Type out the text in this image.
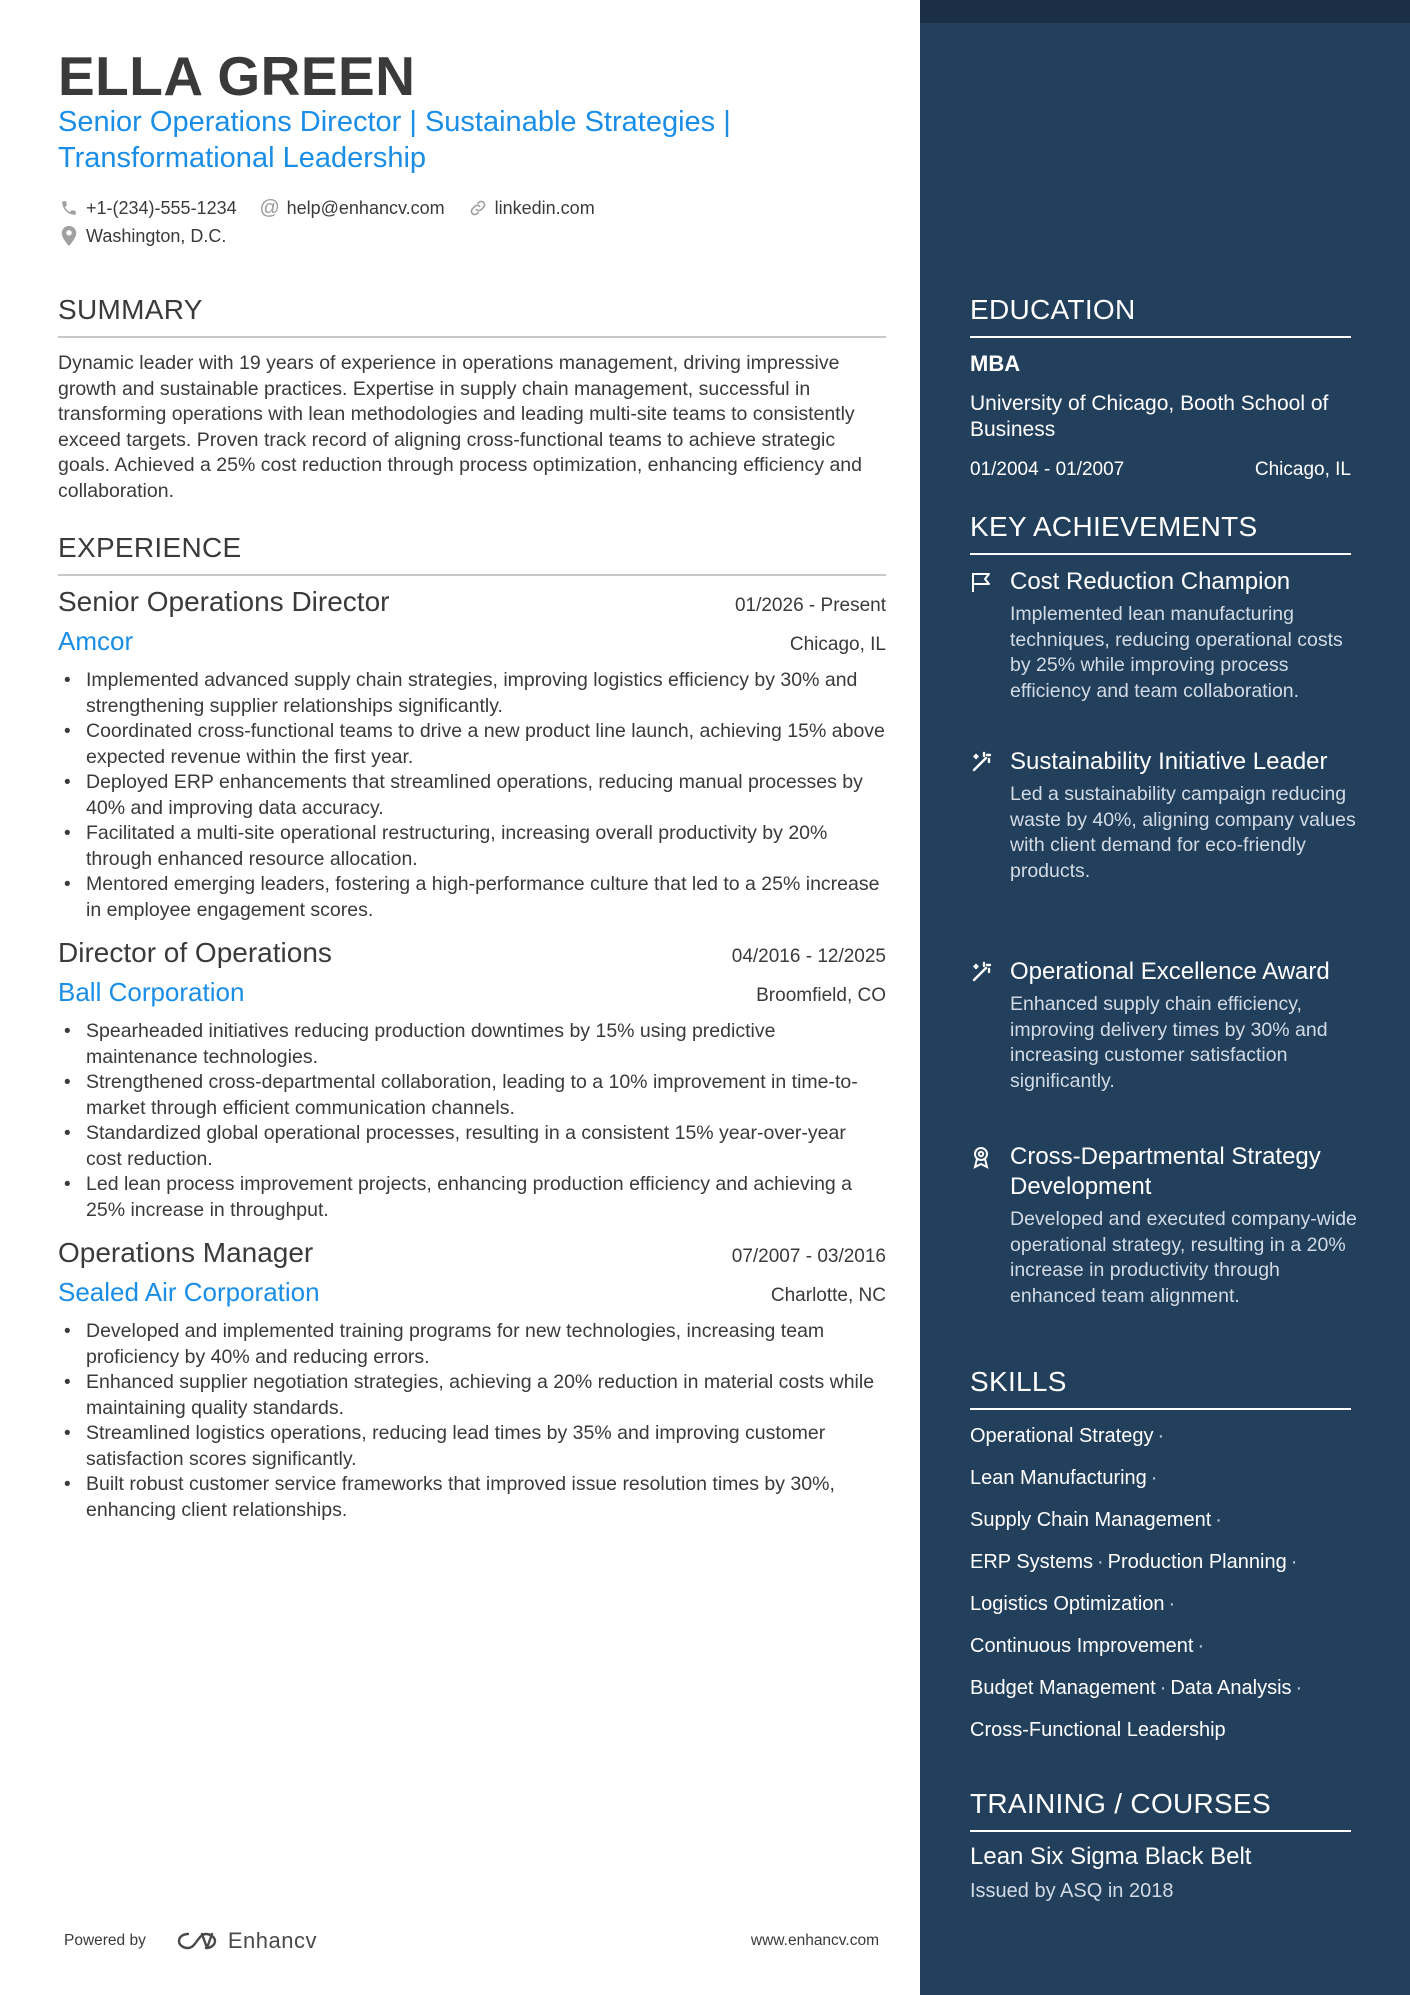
ELLA GREEN
Senior Operations Director | Sustainable Strategies |
Transformational Leadership
+1-(234)-555-1234 @ help@enhancv.com	linkedin.com
Washington, D.C.
SUMMARY
Dynamic leader with 19 years of experience in operations management, driving impressive growth and sustainable practices. Expertise in supply chain management, successful in transforming operations with lean methodologies and leading multi-site teams to consistently exceed targets. Proven track record of aligning cross-functional teams to achieve strategic goals. Achieved a 25% cost reduction through process optimization, enhancing efficiency and collaboration.
EXPERIENCE
Senior Operations Director	01/2026 - Present
Amcor	Chicago, IL
• Implemented advanced supply chain strategies, improving logistics efficiency by 30% and strengthening supplier relationships significantly.
• Coordinated cross-functional teams to drive a new product line launch, achieving 15% above expected revenue within the first year.
• Deployed ERP enhancements that streamlined operations, reducing manual processes by 40% and improving data accuracy.
• Facilitated a multi-site operational restructuring, increasing overall productivity by 20% through enhanced resource allocation.
• Mentored emerging leaders, fostering a high-performance culture that led to a 25% increase in employee engagement scores.
Director of Operations	04/2016 - 12/2025
Ball Corporation	Broomfield, CO
• Spearheaded initiatives reducing production downtimes by 15% using predictive maintenance technologies.
• Strengthened cross-departmental collaboration, leading to a 10% improvement in time-to-market through efficient communication channels.
• Standardized global operational processes, resulting in a consistent 15% year-over-year cost reduction.
• Led lean process improvement projects, enhancing production efficiency and achieving a 25% increase in throughput.
Operations Manager	07/2007 - 03/2016
Sealed Air Corporation	Charlotte, NC
• Developed and implemented training programs for new technologies, increasing team proficiency by 40% and reducing errors.
• Enhanced supplier negotiation strategies, achieving a 20% reduction in material costs while maintaining quality standards.
• Streamlined logistics operations, reducing lead times by 35% and improving customer satisfaction scores significantly.
• Built robust customer service frameworks that improved issue resolution times by 30%, enhancing client relationships.
Powered by	Enhancv	www.enhancv.com
EDUCATION
MBA
University of Chicago, Booth School of Business
01/2004 - 01/2007	Chicago, IL
KEY ACHIEVEMENTS
Cost Reduction Champion
Implemented lean manufacturing techniques, reducing operational costs by 25% while improving process efficiency and team collaboration.
Sustainability Initiative Leader
Led a sustainability campaign reducing waste by 40%, aligning company values with client demand for eco-friendly products.
Operational Excellence Award
Enhanced supply chain efficiency, improving delivery times by 30% and increasing customer satisfaction significantly.
Cross-Departmental Strategy Development
Developed and executed company-wide operational strategy, resulting in a 20% increase in productivity through enhanced team alignment.
SKILLS
Operational Strategy ·
Lean Manufacturing ·
Supply Chain Management ·
ERP Systems · Production Planning ·
Logistics Optimization ·
Continuous Improvement ·
Budget Management · Data Analysis ·
Cross-Functional Leadership
TRAINING / COURSES
Lean Six Sigma Black Belt
Issued by ASQ in 2018
